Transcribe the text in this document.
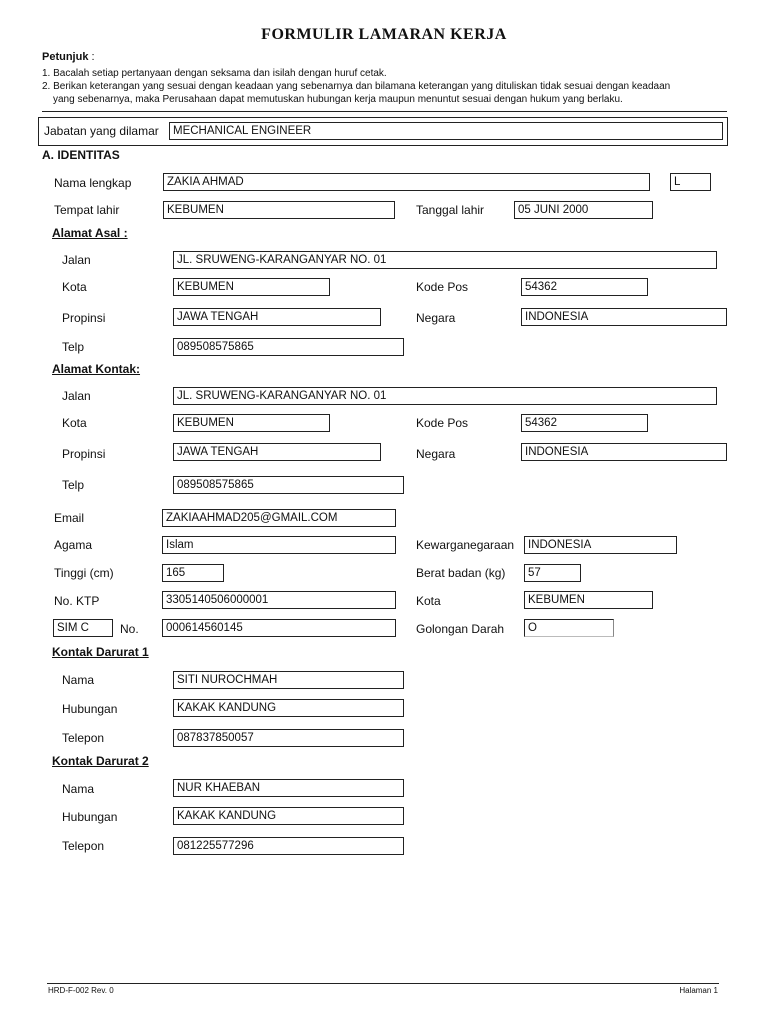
FORMULIR LAMARAN KERJA
Petunjuk :
1. Bacalah setiap pertanyaan dengan seksama dan isilah dengan huruf cetak.
2. Berikan keterangan yang sesuai dengan keadaan yang sebenarnya dan bilamana keterangan yang dituliskan tidak sesuai dengan keadaan
yang sebenarnya, maka Perusahaan dapat memutuskan hubungan kerja maupun menuntut sesuai dengan hukum yang berlaku.
Jabatan yang dilamar	MECHANICAL ENGINEER
A. IDENTITAS
Nama lengkap	ZAKIA AHMAD	L
Tempat lahir	KEBUMEN	Tanggal lahir	05 JUNI 2000
Alamat Asal :
Jalan	JL. SRUWENG-KARANGANYAR NO. 01
Kota	KEBUMEN	Kode Pos	54362
Propinsi	JAWA TENGAH	Negara	INDONESIA
Telp	089508575865
Alamat Kontak:
Jalan	JL. SRUWENG-KARANGANYAR NO. 01
Kota	KEBUMEN	Kode Pos	54362
Propinsi	JAWA TENGAH	Negara	INDONESIA
Telp	089508575865
Email	ZAKIAAHMAD205@GMAIL.COM
Agama	Islam	Kewarganegaraan	INDONESIA
Tinggi (cm)	165	Berat badan (kg)	57
No. KTP	3305140506000001	Kota	KEBUMEN
SIM C	No.	000614560145	Golongan Darah	O
Kontak Darurat 1
Nama	SITI NUROCHMAH
Hubungan	KAKAK KANDUNG
Telepon	087837850057
Kontak Darurat 2
Nama	NUR KHAEBAN
Hubungan	KAKAK KANDUNG
Telepon	081225577296
HRD-F-002 Rev. 0	Halaman 1
